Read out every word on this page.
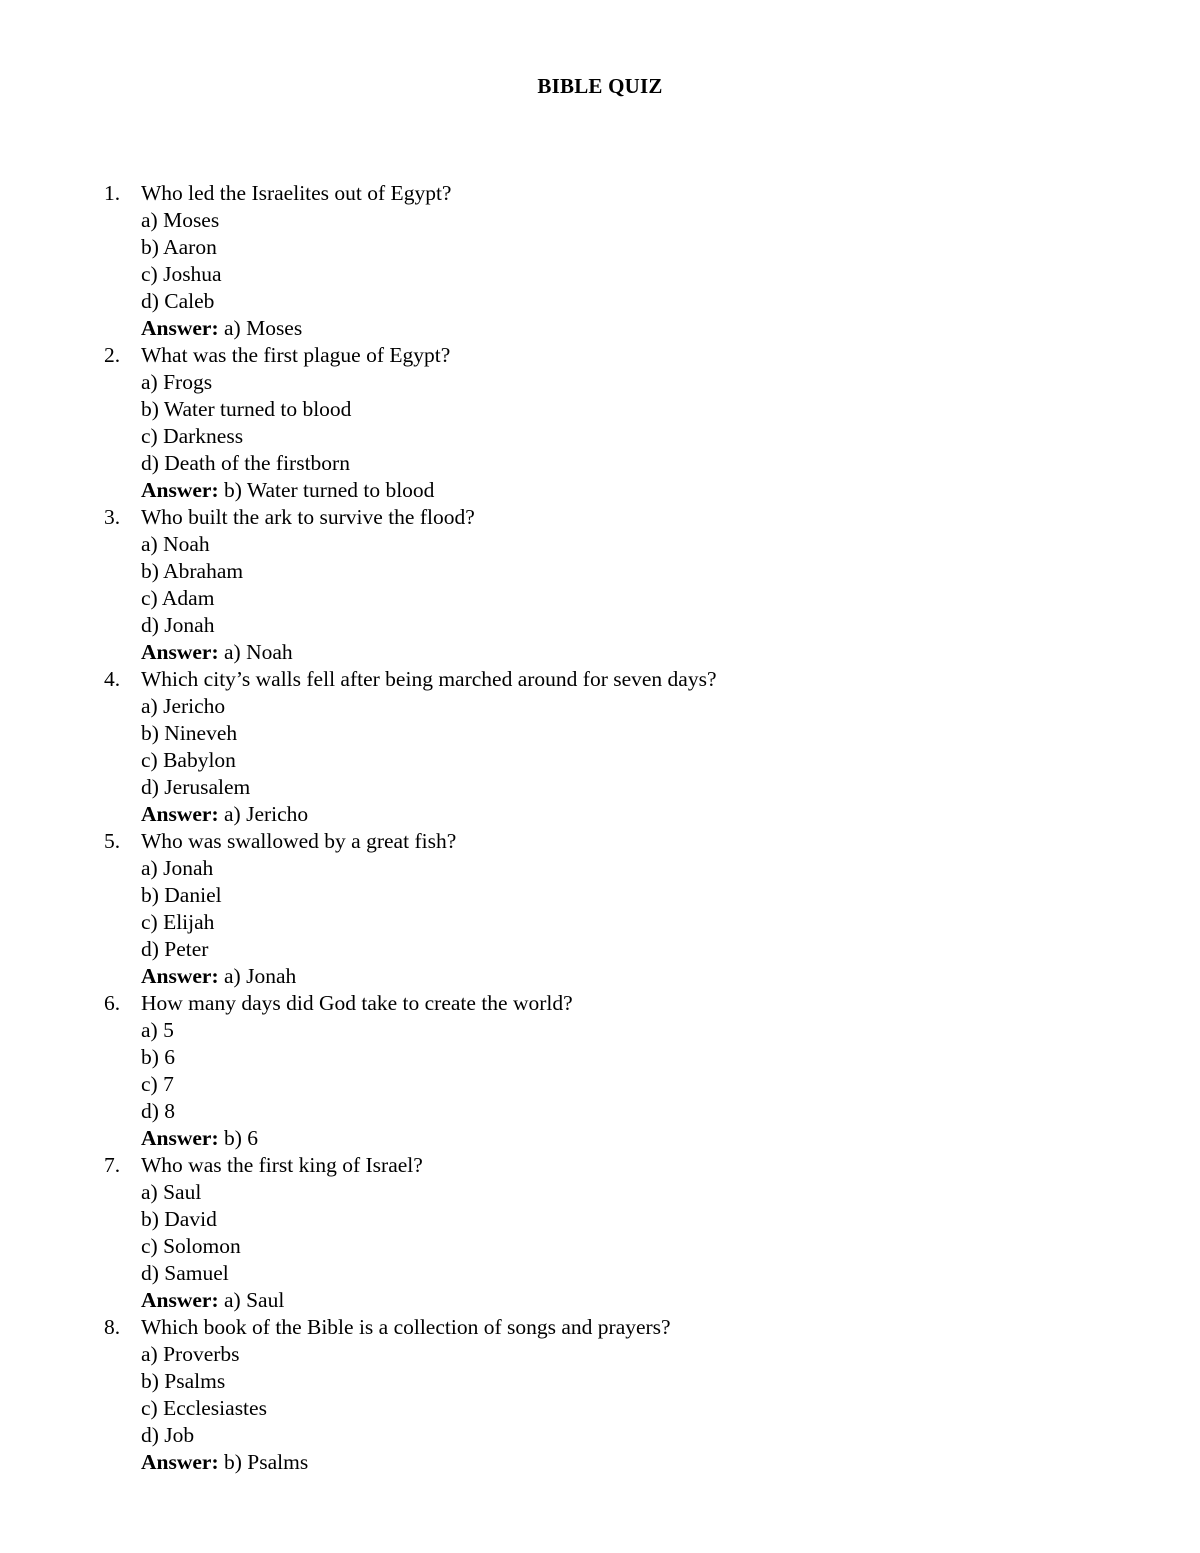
BIBLE QUIZ
1. Who led the Israelites out of Egypt?
a) Moses
b) Aaron
c) Joshua
d) Caleb
Answer: a) Moses
2. What was the first plague of Egypt?
a) Frogs
b) Water turned to blood
c) Darkness
d) Death of the firstborn
Answer: b) Water turned to blood
3. Who built the ark to survive the flood?
a) Noah
b) Abraham
c) Adam
d) Jonah
Answer: a) Noah
4. Which city’s walls fell after being marched around for seven days?
a) Jericho
b) Nineveh
c) Babylon
d) Jerusalem
Answer: a) Jericho
5. Who was swallowed by a great fish?
a) Jonah
b) Daniel
c) Elijah
d) Peter
Answer: a) Jonah
6. How many days did God take to create the world?
a) 5
b) 6
c) 7
d) 8
Answer: b) 6
7. Who was the first king of Israel?
a) Saul
b) David
c) Solomon
d) Samuel
Answer: a) Saul
8. Which book of the Bible is a collection of songs and prayers?
a) Proverbs
b) Psalms
c) Ecclesiastes
d) Job
Answer: b) Psalms
